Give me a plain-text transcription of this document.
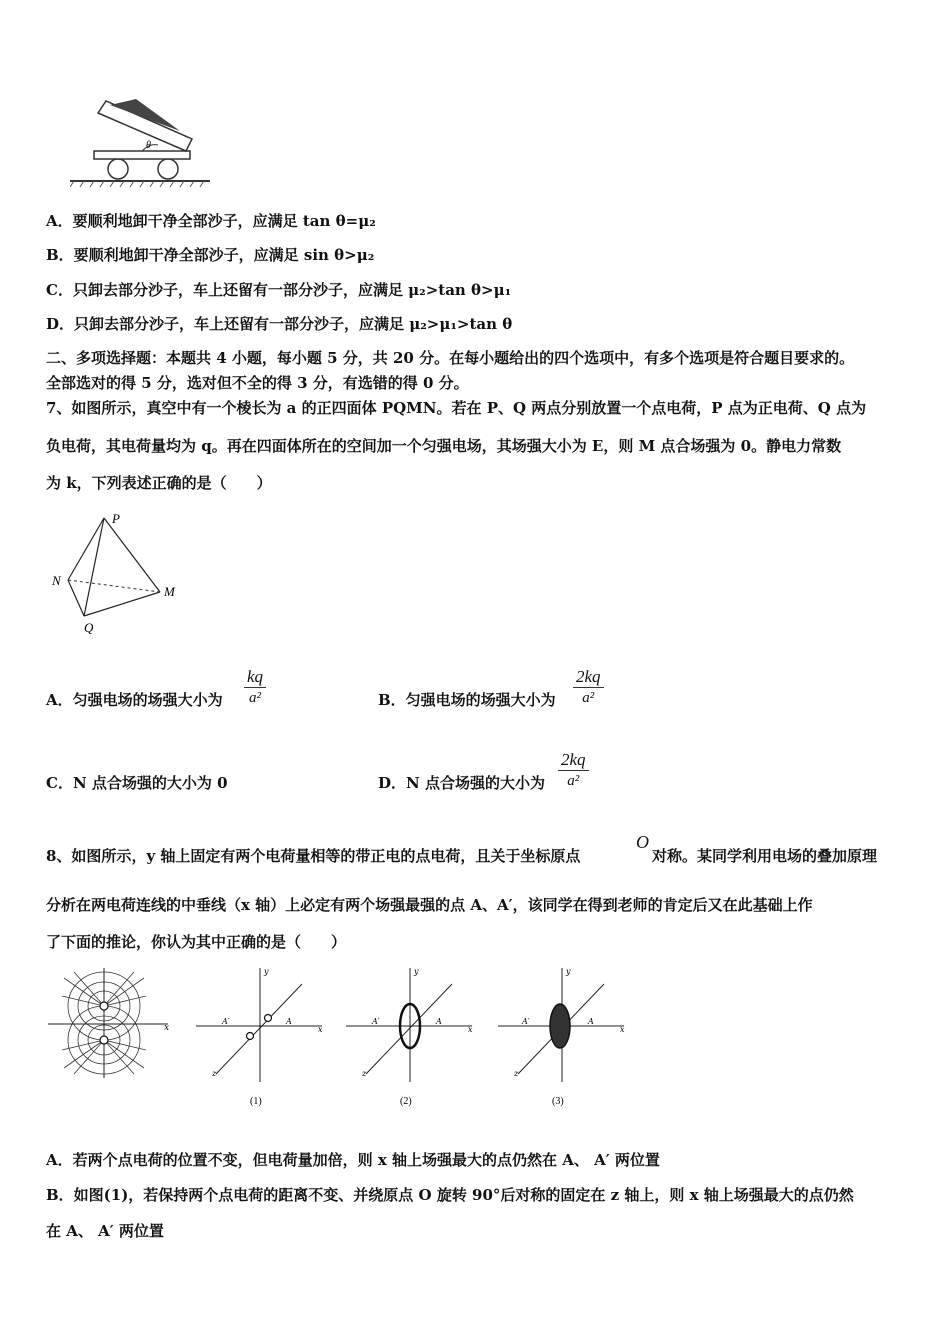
θ
A．要顺利地卸干净全部沙子，应满足 tan θ=μ₂
B．要顺利地卸干净全部沙子，应满足 sin θ>μ₂
C．只卸去部分沙子，车上还留有一部分沙子，应满足 μ₂>tan θ>μ₁
D．只卸去部分沙子，车上还留有一部分沙子，应满足 μ₂>μ₁>tan θ
二、多项选择题：本题共 4 小题，每小题 5 分，共 20 分。在每小题给出的四个选项中，有多个选项是符合题目要求的。
全部选对的得 5 分，选对但不全的得 3 分，有选错的得 0 分。
7、如图所示，真空中有一个棱长为 a 的正四面体 PQMN。若在 P、Q 两点分别放置一个点电荷，P 点为正电荷、Q 点为
负电荷，其电荷量均为 q。再在四面体所在的空间加一个匀强电场，其场强大小为 E，则 M 点合场强为 0。静电力常数
为 k，下列表述正确的是（　　）
P
N
M
Q
A．匀强电场的场强大小为 $\frac{kq}{\text{a²}}$	B．匀强电场的场强大小为 $\frac{2kq}{\text{a²}}$
C．N 点合场强的大小为 0	D．N 点合场强的大小为 $\frac{2kq}{\text{a²}}$
8、如图所示，y 轴上固定有两个电荷量相等的带正电的点电荷，且关于坐标原点
O
对称。某同学利用电场的叠加原理
分析在两电荷连线的中垂线（x 轴）上必定有两个场强最强的点 A、A′，该同学在得到老师的肯定后又在此基础上作
了下面的推论，你认为其中正确的是（　　）
x
y
x
z
A
A′
(1)
y
x
z
A
A′
(2)
y
x
z
A
A′
(3)
A．若两个点电荷的位置不变，但电荷量加倍，则 x 轴上场强最大的点仍然在 A、 A′ 两位置
B．如图(1)，若保持两个点电荷的距离不变、并绕原点 O 旋转 90°后对称的固定在 z 轴上，则 x 轴上场强最大的点仍然
在 A、 A′ 两位置
